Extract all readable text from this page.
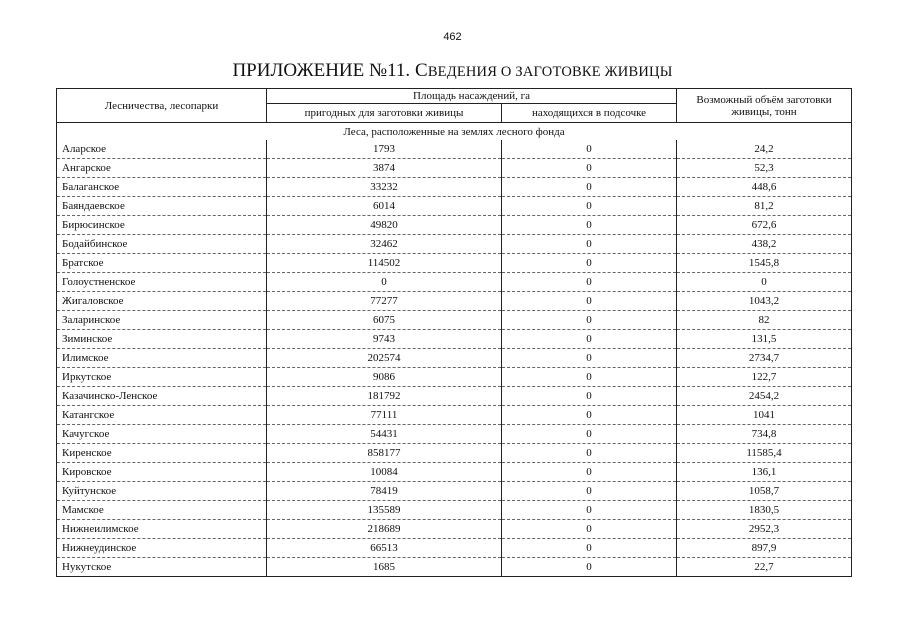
462
ПРИЛОЖЕНИЕ №11. СВЕДЕНИЯ О ЗАГОТОВКЕ ЖИВИЦЫ
Лесничества, лесопарки	Площадь насаждений, га		Возможный объём заготовки живицы, тонн
	пригодных для заготовки живицы	находящихся в подсочке	
Леса, расположенные на землях лесного фонда			
Аларское	1793	0	24,2
Ангарское	3874	0	52,3
Балаганское	33232	0	448,6
Баяндаевское	6014	0	81,2
Бирюсинское	49820	0	672,6
Бодайбинское	32462	0	438,2
Братское	114502	0	1545,8
Голоустненское	0	0	0
Жигаловское	77277	0	1043,2
Заларинское	6075	0	82
Зиминское	9743	0	131,5
Илимское	202574	0	2734,7
Иркутское	9086	0	122,7
Казачинско-Ленское	181792	0	2454,2
Катангское	77111	0	1041
Качугское	54431	0	734,8
Киренское	858177	0	11585,4
Кировское	10084	0	136,1
Куйтунское	78419	0	1058,7
Мамское	135589	0	1830,5
Нижнеилимское	218689	0	2952,3
Нижнеудинское	66513	0	897,9
Нукутское	1685	0	22,7
